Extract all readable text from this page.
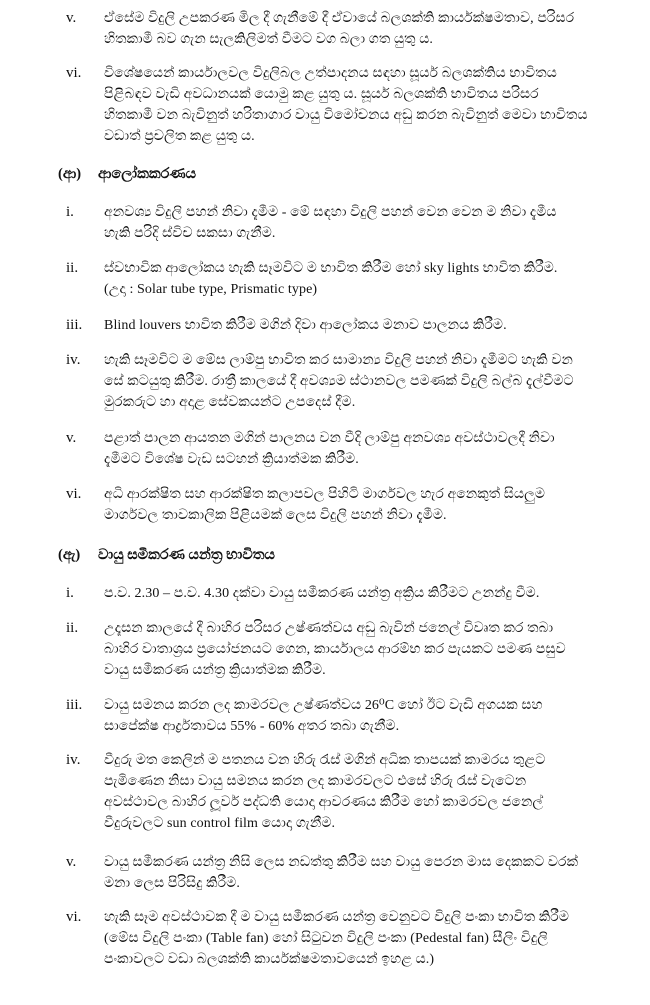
v.	ඒසේම විදුලි උපකරණ මිල දී ගැනීමේ දී ඒවායේ බලශක්ති කාර්යක්ෂමතාව, පරිසර
හිතකාමී බව ගැන සැලකිලිමත් වීමට වග බලා ගත යුතු ය.
vi.	විශේෂයෙන් කාර්යාලවල විදුලිබල උත්පාදනය සඳහා සූර්ය බලශක්තිය භාවිතය
පිළිබඳව වැඩි අවධානයක් යොමු කළ යුතු ය. සූර්ය බලශක්ති භාවිතය පරිසර
හිතකාමී වන බැවිනුත් හරිතාගාර වායු විමෝචනය අඩු කරන බැවිනුත් මෙවා භාවිතය
වඩාත් ප්‍රචලිත කළ යුතු ය.
(ආ)	ආලෝකකරණය
i.	අනවශ්‍ය විදුලි පහන් නිවා දැමීම - මේ සඳහා විදුලි පහන් වෙන වෙන ම නිවා දැමීය
හැකි පරිදි ස්විච සකසා ගැනීම.
ii.	ස්වභාවික ආලෝකය හැකි සෑමවිට ම භාවිත කිරීම හෝ sky lights භාවිත කිරීම.
(උදා : Solar tube type, Prismatic type)
iii.	Blind louvers භාවිත කිරීම මගින් දිවා ආලෝකය මනාව පාලනය කිරීම.
iv.	හැකි සෑමවිට ම මේස ලාම්පු භාවිත කර සාමාන්‍ය විදුලි පහන් නිවා දැමීමට හැකි වන
සේ කටයුතු කිරීම. රාත්‍රී කාලයේ දී අවශ්‍යම ස්ථානවල පමණක් විදුලි බල්බ දැල්වීමට
මුරකරුට හා අදාළ සේවකයන්ට උපදෙස් දීම.
v.	පළාත් පාලන ආයතන මගින් පාලනය වන වීදි ලාම්පු අනවශ්‍ය අවස්ථාවලදී නිවා
දැමීමට විශේෂ වැඩ සටහන් ක්‍රියාත්මක කිරීම.
vi.	අධි ආරක්ෂිත සහ ආරක්ෂිත කලාපවල පිහිටි මාර්ගවල හැර අනෙකුත් සියලුම
මාර්ගවල තාවකාලික පිළියමක් ලෙස විදුලි පහන් නිවා දැමීම.
(ඇ)	වායු සමීකරණ යන්ත්‍ර භාවිතය
i.	ප.ව. 2.30 – ප.ව. 4.30 දක්වා වායු සමීකරණ යන්ත්‍ර අක්‍රිය කිරීමට උනන්දු වීම.
ii.	උදෑසන කාලයේ දී බාහිර පරිසර උෂ්ණත්වය අඩු බැවින් ජනෙල් විවෘත කර තබා
බාහිර වාතාශ්‍රය ප්‍රයෝජනයට ගෙන, කාර්යාලය ආරම්භ කර පැයකට පමණ පසුව
වායු සමීකරණ යන්ත්‍ර ක්‍රියාත්මක කිරීම.
iii.	වායු සමනය කරන ලද කාමරවල උෂ්ණත්වය 26⁰C හෝ ඊට වැඩි අගයක සහ
සාපේක්ෂ ආර්ද්‍රතාවය 55% - 60% අතර තබා ගැනීම.
iv.	වීදුරු මත කෙලින් ම පතනය වන හිරු රැස් මගින් අධික තාපයක් කාමරය තුළට
පැමිණෙන නිසා වායු සමනය කරන ලද කාමරවලට එසේ හිරු රැස් වැටෙන
අවස්ථාවල බාහිර ලූවර් පද්ධති යොදා ආවරණය කිරීම හෝ කාමරවල ජනෙල්
වීදුරුවලට sun control film යොදා ගැනීම.
v.	වායු සමීකරණ යන්ත්‍ර නිසි ලෙස නඩත්තු කිරීම සහ වායු පෙරන මාස දෙකකට වරක්
මනා ලෙස පිරිසිදු කිරීම.
vi.	හැකි සෑම අවස්ථාවක දී ම වායු සමීකරණ යන්ත්‍ර වෙනුවට විදුලි පංකා භාවිත කිරීම
(මේස විදුලි පංකා (Table fan) හෝ සිටුවන විදුලි පංකා (Pedestal fan) සීලිං විදුලි
පංකාවලට වඩා බලශක්ති කාර්යක්ෂමතාවයෙන් ඉහළ ය.)
